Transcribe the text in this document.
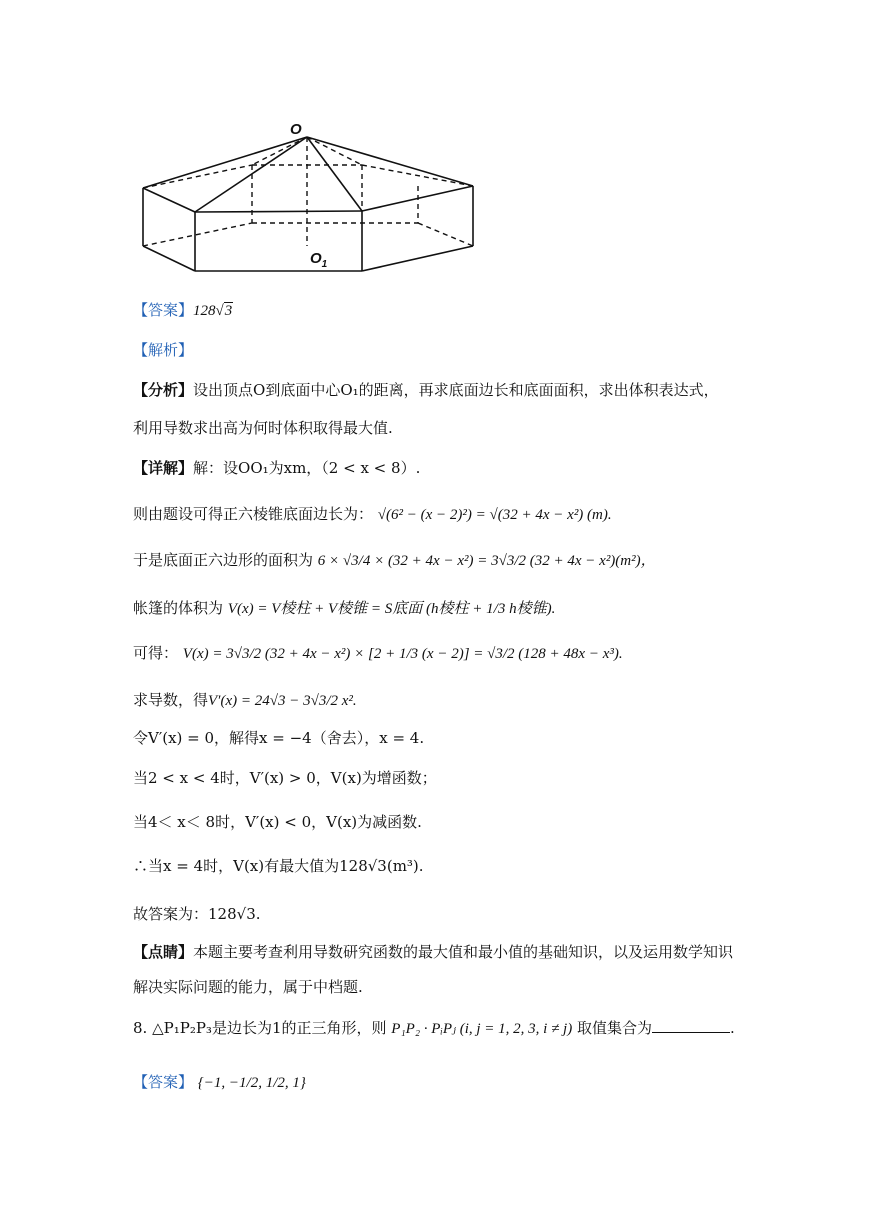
O
$O_1$
【答案】128√3
【解析】
【分析】设出顶点O到底面中心O₁的距离，再求底面边长和底面面积，求出体积表达式，
利用导数求出高为何时体积取得最大值.
【详解】解：设OO₁为xm，（2 < x < 8）.
则由题设可得正六棱锥底面边长为： √(6² − (x − 2)²) = √(32 + 4x − x²) (m).
于是底面正六边形的面积为 6 × √3/4 × (32 + 4x − x²) = 3√3/2 (32 + 4x − x²)(m²)，
帐篷的体积为 V(x) = V棱柱 + V棱锥 = S底面 (h棱柱 + 1/3 h棱锥).
可得： V(x) = 3√3/2 (32 + 4x − x²) × [2 + 1/3 (x − 2)] = √3/2 (128 + 48x − x³).
求导数，得V′(x) = 24√3 − 3√3/2 x².
令V′(x) = 0，解得x = −4（舍去），x = 4.
当2 < x < 4时，V′(x) > 0，V(x)为增函数；
当4＜ x＜ 8时，V′(x) < 0，V(x)为减函数.
∴当x = 4时，V(x)有最大值为128√3(m³).
故答案为：128√3.
【点睛】本题主要考查利用导数研究函数的最大值和最小值的基础知识，以及运用数学知识
解决实际问题的能力，属于中档题.
8. △P₁P₂P₃是边长为1的正三角形，则 P₁P₂ · PᵢPⱼ (i, j = 1, 2, 3, i ≠ j) 取值集合为	.
【答案】 {−1, −1/2, 1/2, 1}
